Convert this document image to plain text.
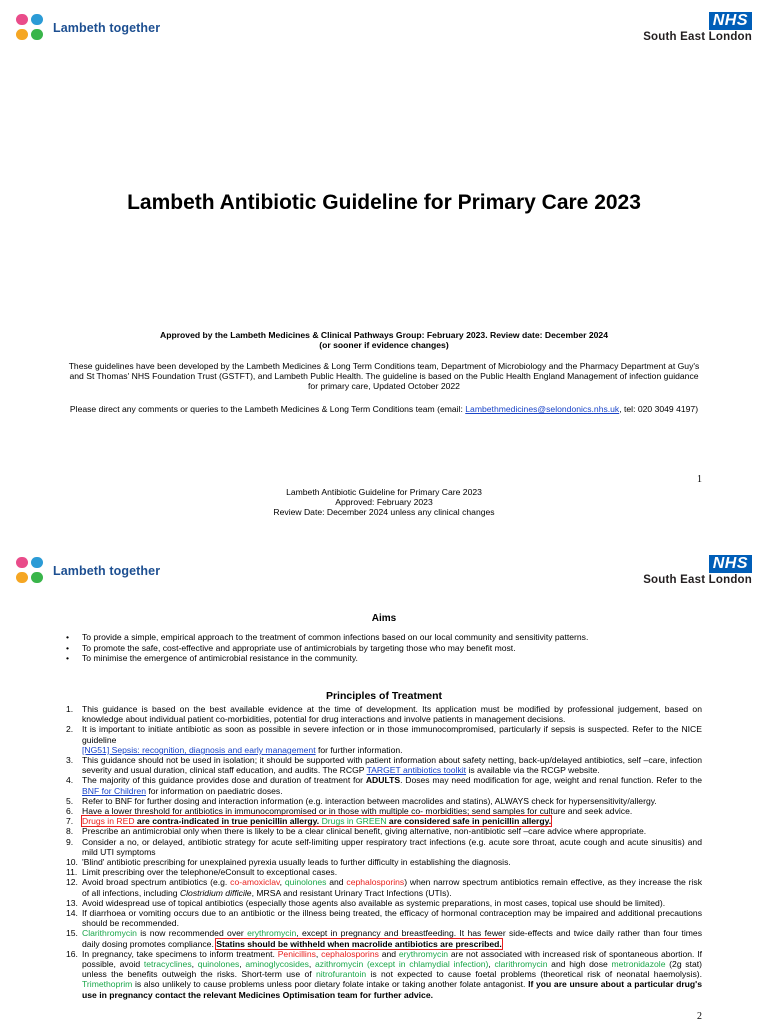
Lambeth together	NHS
South East London
Lambeth Antibiotic Guideline for Primary Care 2023
Approved by the Lambeth Medicines & Clinical Pathways Group: February 2023. Review date: December 2024
(or sooner if evidence changes)
These guidelines have been developed by the Lambeth Medicines & Long Term Conditions team, Department of Microbiology and the Pharmacy Department at Guy's and St Thomas' NHS Foundation Trust (GSTFT), and Lambeth Public Health. The guideline is based on the Public Health England Management of infection guidance for primary care, Updated October 2022
Please direct any comments or queries to the Lambeth Medicines & Long Term Conditions team (email: Lambethmedicines@selondonics.nhs.uk, tel: 020 3049 4197)
1
Lambeth Antibiotic Guideline for Primary Care 2023
Approved: February 2023
Review Date: December 2024 unless any clinical changes
Lambeth together	NHS
South East London
Aims
• To provide a simple, empirical approach to the treatment of common infections based on our local community and sensitivity patterns.
• To promote the safe, cost-effective and appropriate use of antimicrobials by targeting those who may benefit most.
• To minimise the emergence of antimicrobial resistance in the community.
Principles of Treatment
1. This guidance is based on the best available evidence at the time of development. Its application must be modified by professional judgement, based on knowledge about individual patient co-morbidities, potential for drug interactions and involve patients in management decisions.
2. It is important to initiate antibiotic as soon as possible in severe infection or in those immunocompromised, particularly if sepsis is suspected. Refer to the NICE guideline
[NG51] Sepsis: recognition, diagnosis and early management for further information.
3. This guidance should not be used in isolation; it should be supported with patient information about safety netting, back-up/delayed antibiotics, self –care, infection severity and usual duration, clinical staff education, and audits. The RCGP TARGET antibiotics toolkit is available via the RCGP website.
4. The majority of this guidance provides dose and duration of treatment for ADULTS. Doses may need modification for age, weight and renal function. Refer to the BNF for Children for information on paediatric doses.
5. Refer to BNF for further dosing and interaction information (e.g. interaction between macrolides and statins), ALWAYS check for hypersensitivity/allergy.
6. Have a lower threshold for antibiotics in immunocompromised or in those with multiple co- morbidities; send samples for culture and seek advice.
7. Drugs in RED are contra-indicated in true penicillin allergy. Drugs in GREEN are considered safe in penicillin allergy.
8. Prescribe an antimicrobial only when there is likely to be a clear clinical benefit, giving alternative, non-antibiotic self –care advice where appropriate.
9. Consider a no, or delayed, antibiotic strategy for acute self-limiting upper respiratory tract infections (e.g. acute sore throat, acute cough and acute sinusitis) and mild UTI symptoms
10. 'Blind' antibiotic prescribing for unexplained pyrexia usually leads to further difficulty in establishing the diagnosis.
11. Limit prescribing over the telephone/eConsult to exceptional cases.
12. Avoid broad spectrum antibiotics (e.g. co-amoxiclav, quinolones and cephalosporins) when narrow spectrum antibiotics remain effective, as they increase the risk of all infections, including Clostridium difficile, MRSA and resistant Urinary Tract Infections (UTIs).
13. Avoid widespread use of topical antibiotics (especially those agents also available as systemic preparations, in most cases, topical use should be limited).
14. If diarrhoea or vomiting occurs due to an antibiotic or the illness being treated, the efficacy of hormonal contraception may be impaired and additional precautions should be recommended.
15. Clarithromycin is now recommended over erythromycin, except in pregnancy and breastfeeding. It has fewer side-effects and twice daily rather than four times daily dosing promotes compliance. Statins should be withheld when macrolide antibiotics are prescribed.
16. In pregnancy, take specimens to inform treatment. Penicillins, cephalosporins and erythromycin are not associated with increased risk of spontaneous abortion. If possible, avoid tetracyclines, quinolones, aminoglycosides, azithromycin (except in chlamydial infection), clarithromycin and high dose metronidazole (2g stat) unless the benefits outweigh the risks. Short-term use of nitrofurantoin is not expected to cause foetal problems (theoretical risk of neonatal haemolysis). Trimethoprim is also unlikely to cause problems unless poor dietary folate intake or taking another folate antagonist. If you are unsure about a particular drug's use in pregnancy contact the relevant Medicines Optimisation team for further advice.
2
